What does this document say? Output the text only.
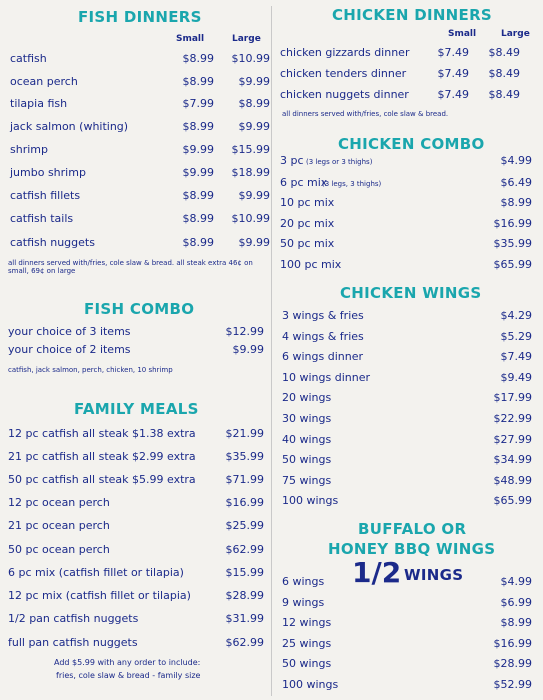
FISH DINNERS
Small	Large
catfish	$8.99	$10.99
ocean perch	$8.99	$9.99
tilapia fish	$7.99	$8.99
jack salmon (whiting)	$8.99	$9.99
shrimp	$9.99	$15.99
jumbo shrimp	$9.99	$18.99
catfish fillets	$8.99	$9.99
catfish tails	$8.99	$10.99
catfish nuggets	$8.99	$9.99
all dinners served with/fries, cole slaw & bread. all steak extra 46¢ on small, 69¢ on large
FISH COMBO
your choice of 3 items	$12.99
your choice of 2 items	$9.99
catfish, jack salmon, perch, chicken, 10 shrimp
FAMILY MEALS
12 pc catfish all steak $1.38 extra	$21.99
21 pc catfish all steak $2.99 extra	$35.99
50 pc catfish all steak $5.99 extra	$71.99
12 pc ocean perch	$16.99
21 pc ocean perch	$25.99
50 pc ocean perch	$62.99
6 pc mix (catfish fillet or tilapia)	$15.99
12 pc mix (catfish fillet or tilapia)	$28.99
1/2 pan catfish nuggets	$31.99
full pan catfish nuggets	$62.99
Add $5.99 with any order to include:
fries, cole slaw & bread - family size
CHICKEN DINNERS
Small	Large
chicken gizzards dinner	$7.49	$8.49
chicken tenders dinner	$7.49	$8.49
chicken nuggets dinner	$7.49	$8.49
all dinners served with/fries, cole slaw & bread.
CHICKEN COMBO
3 pc (3 legs or 3 thighs)	$4.99
6 pc mix
(3 legs, 3 thighs)	$6.49
10 pc mix	$8.99
20 pc mix	$16.99
50 pc mix	$35.99
100 pc mix	$65.99
CHICKEN WINGS
3 wings & fries	$4.29
4 wings & fries	$5.29
6 wings dinner	$7.49
10 wings dinner	$9.49
20 wings	$17.99
30 wings	$22.99
40 wings	$27.99
50 wings	$34.99
75 wings	$48.99
100 wings	$65.99
BUFFALO OR
HONEY BBQ WINGS
1/2 WINGS
6 wings	$4.99
9 wings	$6.99
12 wings	$8.99
25 wings	$16.99
50 wings	$28.99
100 wings	$52.99
